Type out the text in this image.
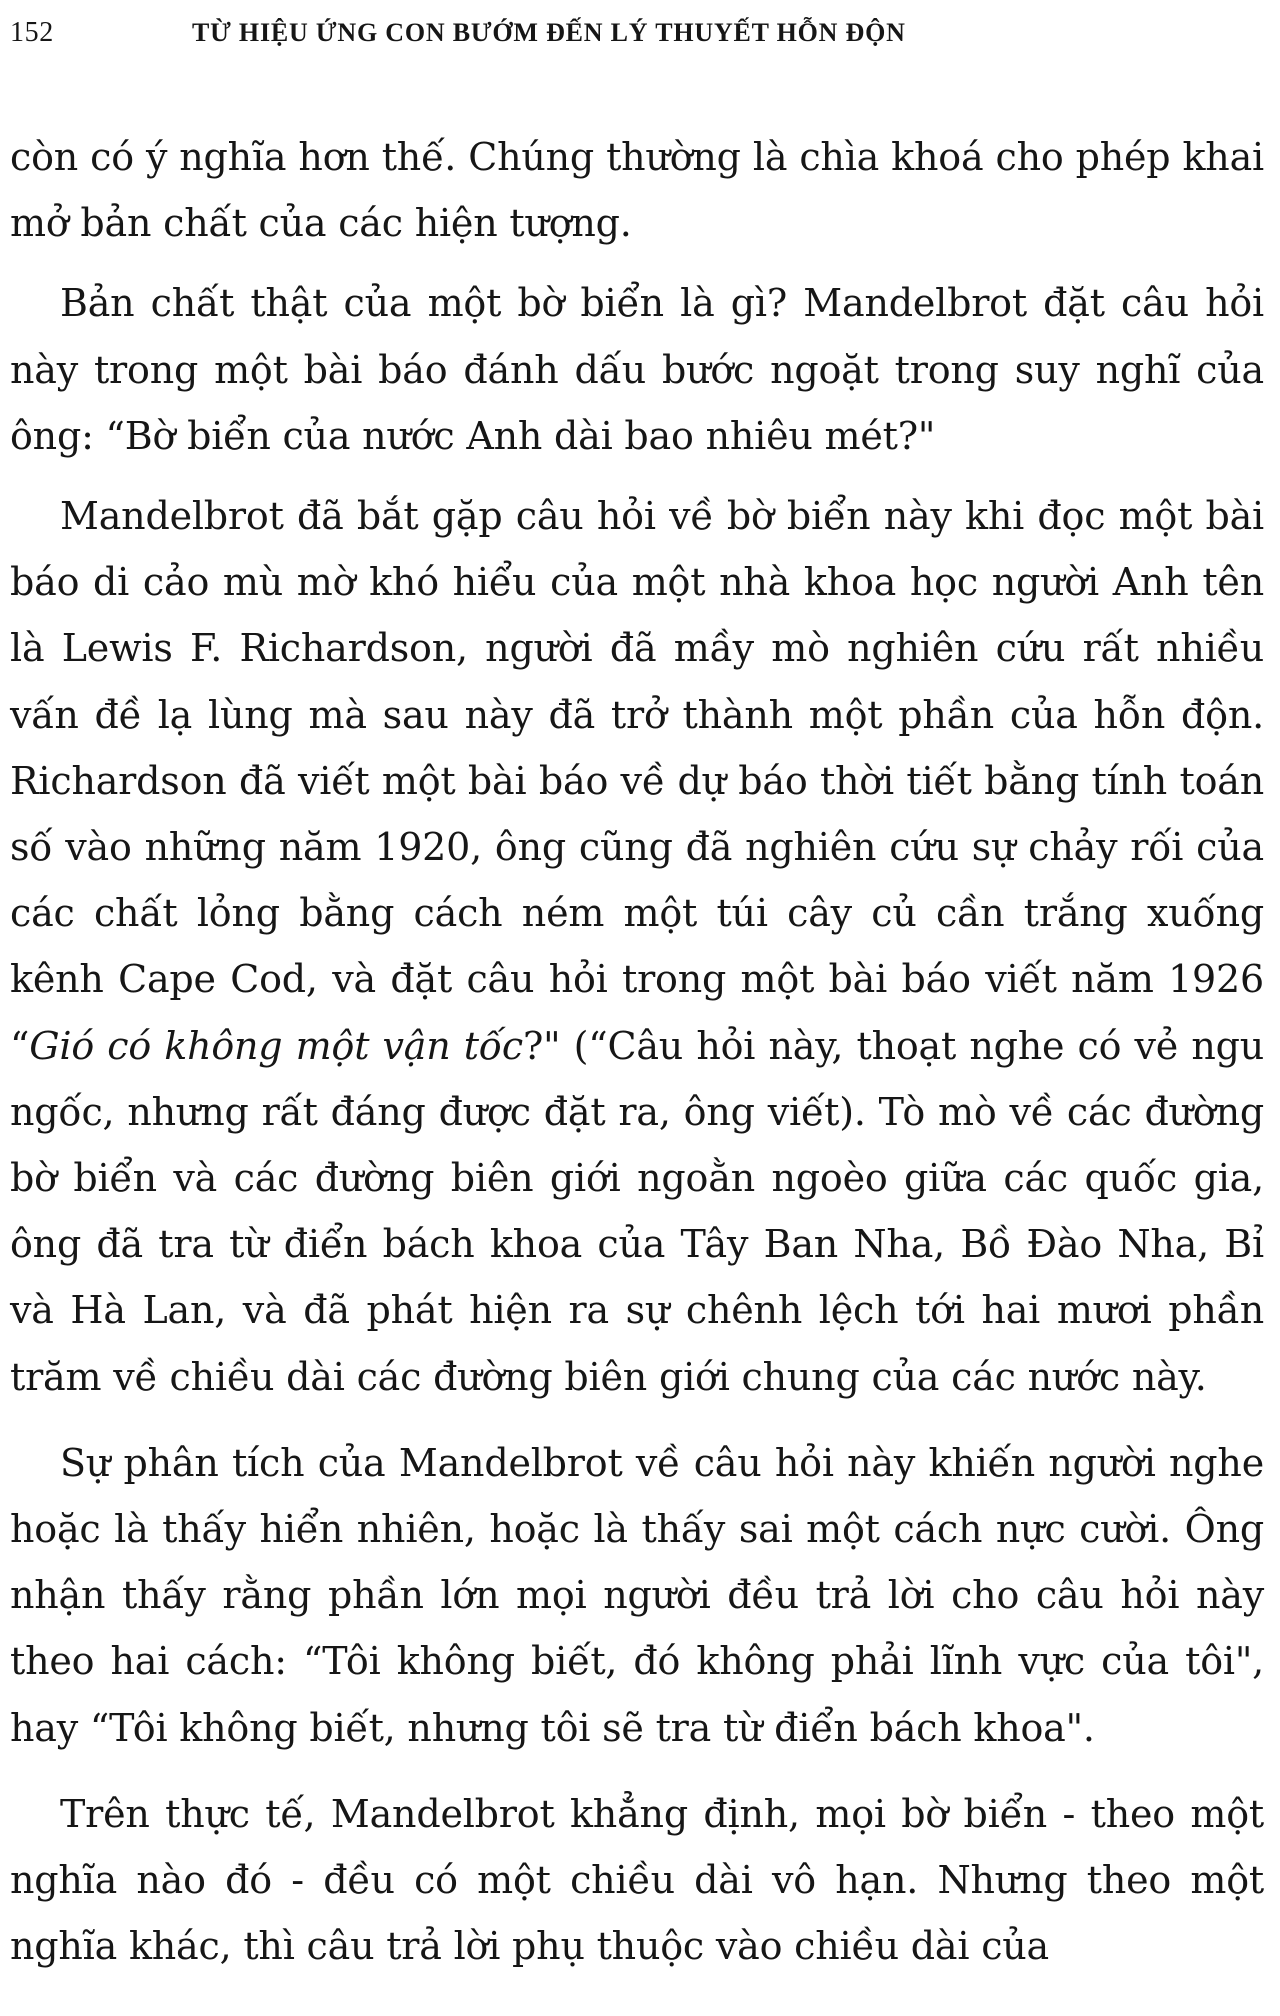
152	TỪ HIỆU ỨNG CON BƯỚM ĐẾN LÝ THUYẾT HỖN ĐỘN

còn có ý nghĩa hơn thế. Chúng thường là chìa khoá cho phép khai mở bản chất của các hiện tượng.

Bản chất thật của một bờ biển là gì? Mandelbrot đặt câu hỏi này trong một bài báo đánh dấu bước ngoặt trong suy nghĩ của ông: “Bờ biển của nước Anh dài bao nhiêu mét?"

Mandelbrot đã bắt gặp câu hỏi về bờ biển này khi đọc một bài báo di cảo mù mờ khó hiểu của một nhà khoa học người Anh tên là Lewis F. Richardson, người đã mầy mò nghiên cứu rất nhiều vấn đề lạ lùng mà sau này đã trở thành một phần của hỗn độn. Richardson đã viết một bài báo về dự báo thời tiết bằng tính toán số vào những năm 1920, ông cũng đã nghiên cứu sự chảy rối của các chất lỏng bằng cách ném một túi cây củ cần trắng xuống kênh Cape Cod, và đặt câu hỏi trong một bài báo viết năm 1926 “Gió có không một vận tốc?" (“Câu hỏi này, thoạt nghe có vẻ ngu ngốc, nhưng rất đáng được đặt ra, ông viết). Tò mò về các đường bờ biển và các đường biên giới ngoằn ngoèo giữa các quốc gia, ông đã tra từ điển bách khoa của Tây Ban Nha, Bồ Đào Nha, Bỉ và Hà Lan, và đã phát hiện ra sự chênh lệch tới hai mươi phần trăm về chiều dài các đường biên giới chung của các nước này.

Sự phân tích của Mandelbrot về câu hỏi này khiến người nghe hoặc là thấy hiển nhiên, hoặc là thấy sai một cách nực cười. Ông nhận thấy rằng phần lớn mọi người đều trả lời cho câu hỏi này theo hai cách: “Tôi không biết, đó không phải lĩnh vực của tôi", hay “Tôi không biết, nhưng tôi sẽ tra từ điển bách khoa".

Trên thực tế, Mandelbrot khẳng định, mọi bờ biển - theo một nghĩa nào đó - đều có một chiều dài vô hạn. Nhưng theo một nghĩa khác, thì câu trả lời phụ thuộc vào chiều dài của
